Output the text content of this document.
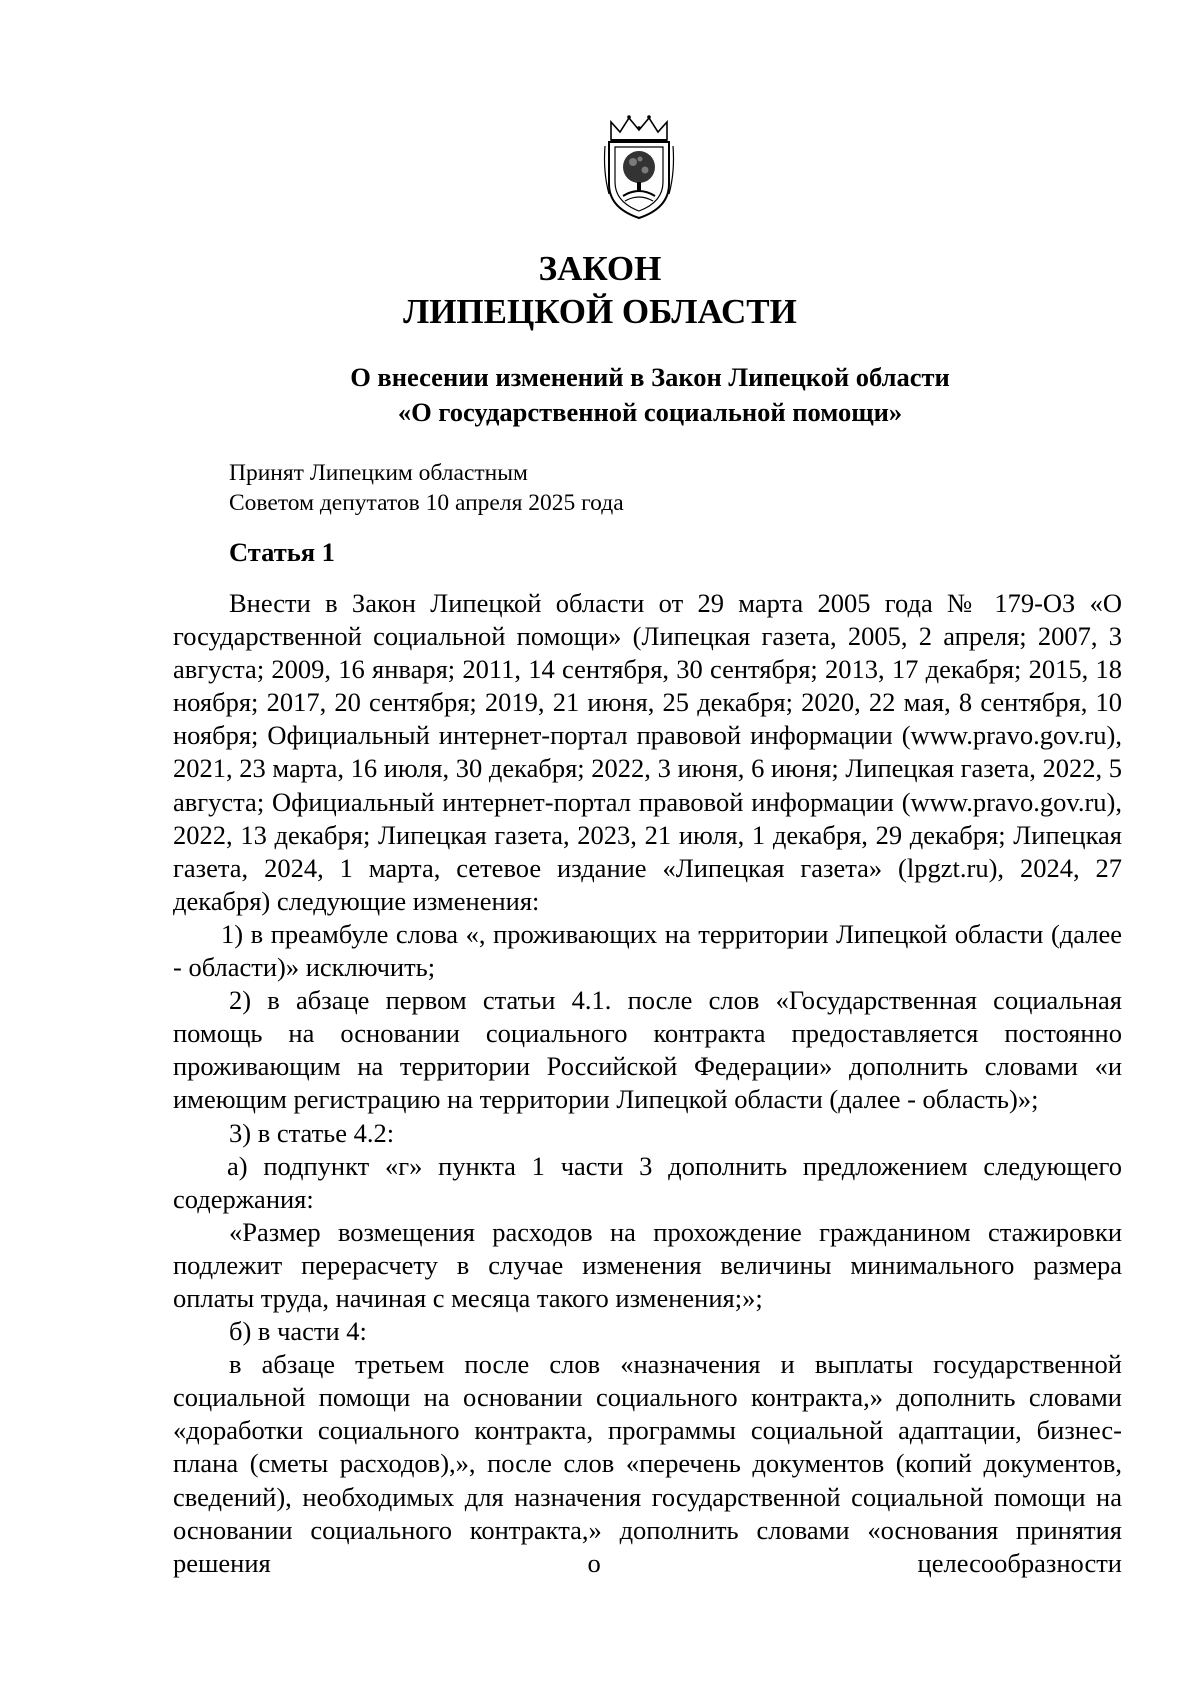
ЗАКОН
ЛИПЕЦКОЙ ОБЛАСТИ
О внесении изменений в Закон Липецкой области
«О государственной социальной помощи»
Принят Липецким областным
Советом депутатов 10 апреля 2025 года
Статья 1

Внести в Закон Липецкой области от 29 марта 2005 года № 179-ОЗ «О государственной социальной помощи» (Липецкая газета, 2005, 2 апреля; 2007, 3 августа; 2009, 16 января; 2011, 14 сентября, 30 сентября; 2013, 17 декабря; 2015, 18 ноября; 2017, 20 сентября; 2019, 21 июня, 25 декабря; 2020, 22 мая, 8 сентября, 10 ноября; Официальный интернет-портал правовой информации (www.pravo.gov.ru), 2021, 23 марта, 16 июля, 30 декабря; 2022, 3 июня, 6 июня; Липецкая газета, 2022, 5 августа; Официальный интернет-портал правовой информации (www.pravo.gov.ru), 2022, 13 декабря; Липецкая газета, 2023, 21 июля, 1 декабря, 29 декабря; Липецкая газета, 2024, 1 марта, сетевое издание «Липецкая газета» (lpgzt.ru), 2024, 27 декабря) следующие изменения:

1) в преамбуле слова «, проживающих на территории Липецкой области (далее - области)» исключить;

2) в абзаце первом статьи 4.1. после слов «Государственная социальная помощь на основании социального контракта предоставляется постоянно проживающим на территории Российской Федерации» дополнить словами «и имеющим регистрацию на территории Липецкой области (далее - область)»;

3) в статье 4.2:

а) подпункт «г» пункта 1 части 3 дополнить предложением следующего содержания:

«Размер возмещения расходов на прохождение гражданином стажировки подлежит перерасчету в случае изменения величины минимального размера оплаты труда, начиная с месяца такого изменения;»;

б) в части 4:

в абзаце третьем после слов «назначения и выплаты государственной социальной помощи на основании социального контракта,» дополнить словами «доработки социального контракта, программы социальной адаптации, бизнес-плана (сметы расходов),», после слов «перечень документов (копий документов, сведений), необходимых для назначения государственной социальной помощи на основании социального контракта,» дополнить словами «основания принятия решения о целесообразности
